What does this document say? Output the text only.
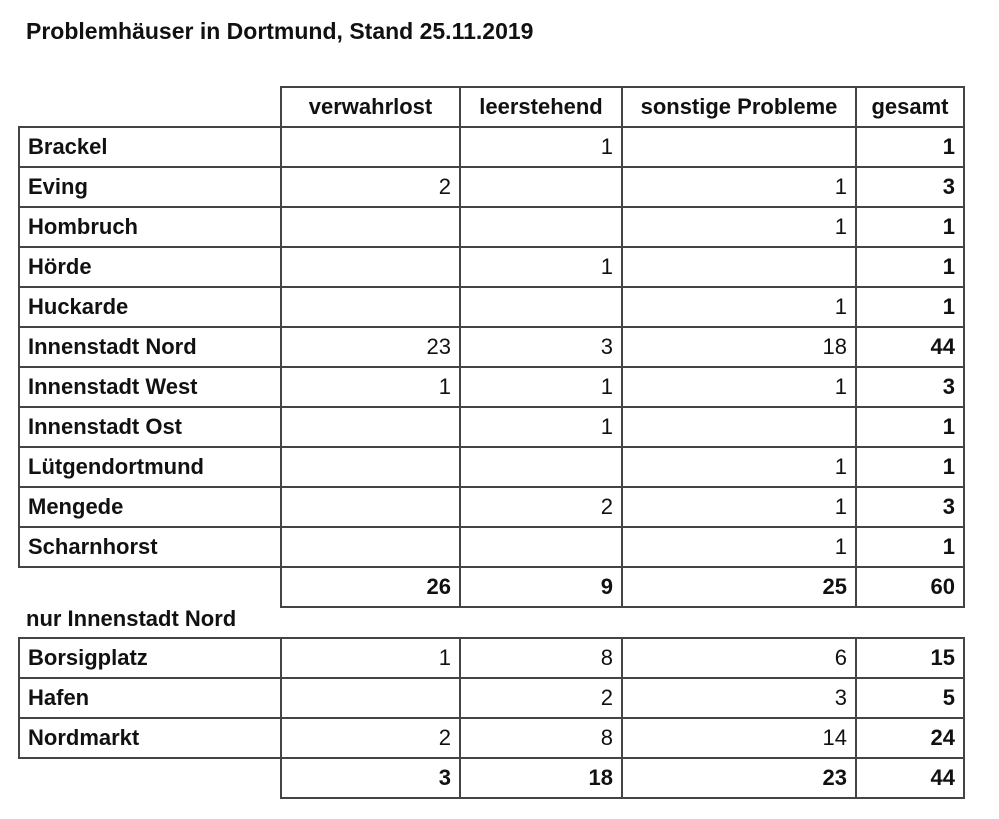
Problemhäuser in Dortmund, Stand 25.11.2019
	verwahrlost	leerstehend	sonstige Probleme	gesamt
Brackel		1		1
Eving	2		1	3
Hombruch			1	1
Hörde		1		1
Huckarde			1	1
Innenstadt Nord	23	3	18	44
Innenstadt West	1	1	1	3
Innenstadt Ost		1		1
Lütgendortmund			1	1
Mengede		2	1	3
Scharnhorst			1	1
	26	9	25	60
nur Innenstadt Nord
Borsigplatz	1	8	6	15
Hafen		2	3	5
Nordmarkt	2	8	14	24
	3	18	23	44
